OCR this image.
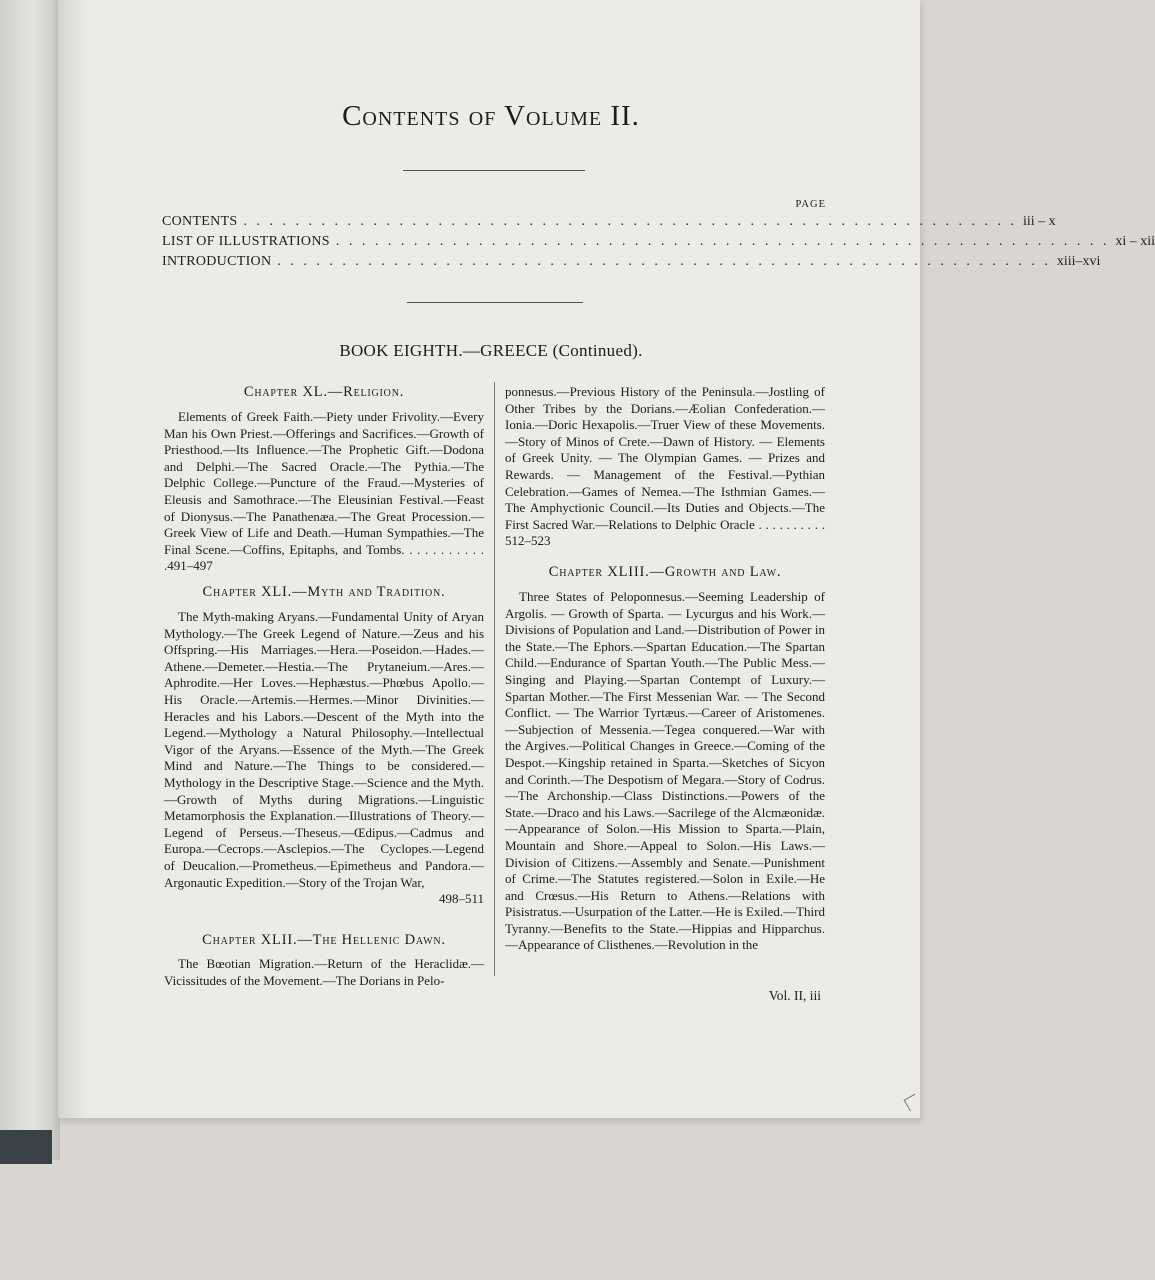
Contents of Volume II.
PAGE
CONTENTS . . . . . . . . . . . . . . . . . . . . . . . . . . . . . . . . . . . . . . . . . . . . . . . . . . . . . . . . . . . . iii – x
LIST OF ILLUSTRATIONS . . . . . . . . . . . . . . . . . . . . . . . . . . . . . . . . . . . . . . . . . . . . . . . . . . . . . . . . . . . . xi – xii
INTRODUCTION . . . . . . . . . . . . . . . . . . . . . . . . . . . . . . . . . . . . . . . . . . . . . . . . . . . . . . . . . . . . xiii–xvi
BOOK EIGHTH.—GREECE (Continued).
Chapter XL.—Religion.
Elements of Greek Faith.—Piety under Frivolity.—Every Man his Own Priest.—Offerings and Sacrifices.—Growth of Priesthood.—Its Influence.—The Prophetic Gift.—Dodona and Delphi.—The Sacred Oracle.—The Pythia.—The Delphic College.—Puncture of the Fraud.—Mysteries of Eleusis and Samothrace.—The Eleusinian Festival.—Feast of Dionysus.—The Panathenæa.—The Great Procession.—Greek View of Life and Death.—Human Sympathies.—The Final Scene.—Coffins, Epitaphs, and Tombs. . . . . . . . . . . .491–497
Chapter XLI.—Myth and Tradition.
The Myth-making Aryans.—Fundamental Unity of Aryan Mythology.—The Greek Legend of Nature.—Zeus and his Offspring.—His Marriages.—Hera.—Poseidon.—Hades.—Athene.—Demeter.—Hestia.—The Prytaneium.—Ares.—Aphrodite.—Her Loves.—Hephæstus.—Phœbus Apollo.—His Oracle.—Artemis.—Hermes.—Minor Divinities.—Heracles and his Labors.—Descent of the Myth into the Legend.—Mythology a Natural Philosophy.—Intellectual Vigor of the Aryans.—Essence of the Myth.—The Greek Mind and Nature.—The Things to be considered.—Mythology in the Descriptive Stage.—Science and the Myth.—Growth of Myths during Migrations.—Linguistic Metamorphosis the Explanation.—Illustrations of Theory.—Legend of Perseus.—Theseus.—Œdipus.—Cadmus and Europa.—Cecrops.—Asclepios.—The Cyclopes.—Legend of Deucalion.—Prometheus.—Epimetheus and Pandora.—Argonautic Expedition.—Story of the Trojan War,
498–511
Chapter XLII.—The Hellenic Dawn.
The Bœotian Migration.—Return of the Heraclidæ.—Vicissitudes of the Movement.—The Dorians in Pelo-
ponnesus.—Previous History of the Peninsula.—Jostling of Other Tribes by the Dorians.—Æolian Confederation.—Ionia.—Doric Hexapolis.—Truer View of these Movements.—Story of Minos of Crete.—Dawn of History. — Elements of Greek Unity. — The Olympian Games. — Prizes and Rewards. — Management of the Festival.—Pythian Celebration.—Games of Nemea.—The Isthmian Games.—The Amphyctionic Council.—Its Duties and Objects.—The First Sacred War.—Relations to Delphic Oracle . . . . . . . . . . 512–523
Chapter XLIII.—Growth and Law.
Three States of Peloponnesus.—Seeming Leadership of Argolis. — Growth of Sparta. — Lycurgus and his Work.—Divisions of Population and Land.—Distribution of Power in the State.—The Ephors.—Spartan Education.—The Spartan Child.—Endurance of Spartan Youth.—The Public Mess.—Singing and Playing.—Spartan Contempt of Luxury.—Spartan Mother.—The First Messenian War. — The Second Conflict. — The Warrior Tyrtæus.—Career of Aristomenes.—Subjection of Messenia.—Tegea conquered.—War with the Argives.—Political Changes in Greece.—Coming of the Despot.—Kingship retained in Sparta.—Sketches of Sicyon and Corinth.—The Despotism of Megara.—Story of Codrus.—The Archonship.—Class Distinctions.—Powers of the State.—Draco and his Laws.—Sacrilege of the Alcmæonidæ.—Appearance of Solon.—His Mission to Sparta.—Plain, Mountain and Shore.—Appeal to Solon.—His Laws.—Division of Citizens.—Assembly and Senate.—Punishment of Crime.—The Statutes registered.—Solon in Exile.—He and Crœsus.—His Return to Athens.—Relations with Pisistratus.—Usurpation of the Latter.—He is Exiled.—Third Tyranny.—Benefits to the State.—Hippias and Hipparchus.—Appearance of Clisthenes.—Revolution in the
Vol. II, iii
